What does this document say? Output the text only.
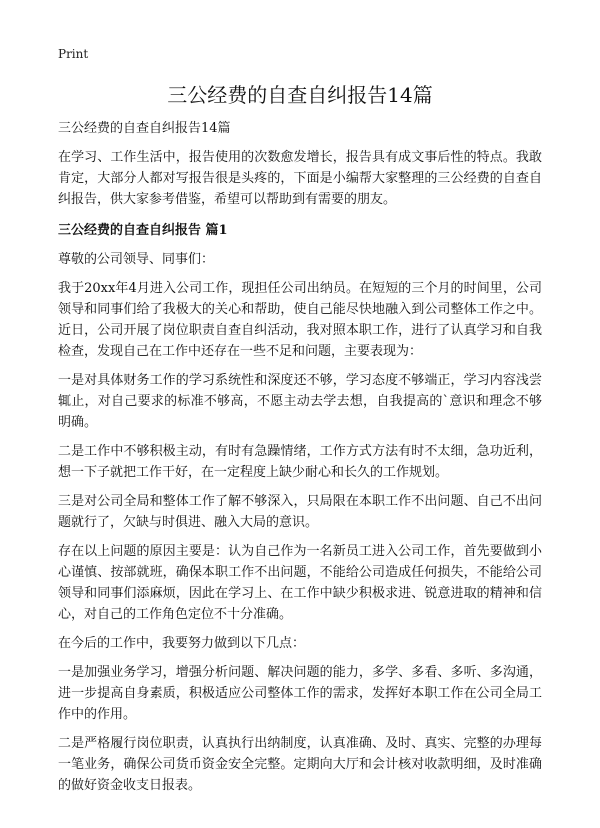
Print
三公经费的自查自纠报告14篇
三公经费的自查自纠报告14篇

在学习、工作生活中，报告使用的次数愈发增长，报告具有成文事后性的特点。我敢肯定，大部分人都对写报告很是头疼的，下面是小编帮大家整理的三公经费的自查自纠报告，供大家参考借鉴，希望可以帮助到有需要的朋友。

三公经费的自查自纠报告 篇1

尊敬的公司领导、同事们：

我于20xx年4月进入公司工作，现担任公司出纳员。在短短的三个月的时间里，公司领导和同事们给了我极大的关心和帮助，使自己能尽快地融入到公司整体工作之中。近日，公司开展了岗位职责自查自纠活动，我对照本职工作，进行了认真学习和自我检查，发现自己在工作中还存在一些不足和问题，主要表现为：

一是对具体财务工作的学习系统性和深度还不够，学习态度不够端正，学习内容浅尝辄止，对自己要求的标准不够高，不愿主动去学去想，自我提高的`意识和理念不够明确。

二是工作中不够积极主动，有时有急躁情绪，工作方式方法有时不太细，急功近利，想一下子就把工作干好，在一定程度上缺少耐心和长久的工作规划。

三是对公司全局和整体工作了解不够深入，只局限在本职工作不出问题、自己不出问题就行了，欠缺与时俱进、融入大局的意识。

存在以上问题的原因主要是：认为自己作为一名新员工进入公司工作，首先要做到小心谨慎、按部就班，确保本职工作不出问题，不能给公司造成任何损失，不能给公司领导和同事们添麻烦，因此在学习上、在工作中缺少积极求进、锐意进取的精神和信心，对自己的工作角色定位不十分准确。

在今后的工作中，我要努力做到以下几点：

一是加强业务学习，增强分析问题、解决问题的能力，多学、多看、多听、多沟通，进一步提高自身素质，积极适应公司整体工作的需求，发挥好本职工作在公司全局工作中的作用。

二是严格履行岗位职责，认真执行出纳制度，认真准确、及时、真实、完整的办理每一笔业务，确保公司货币资金安全完整。定期向大厅和会计核对收款明细，及时准确的做好资金收支日报表。
